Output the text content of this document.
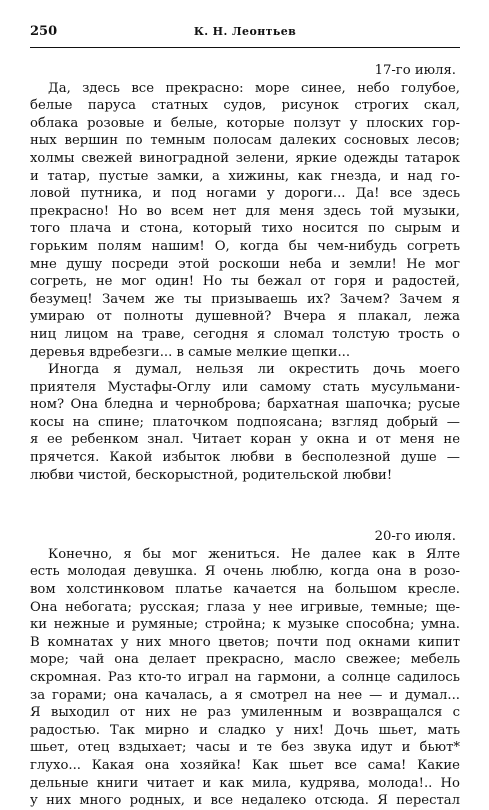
250	К. Н. Леонтьев

17-го июля.

Да, здесь все прекрасно: море синее, небо голубое,
белые паруса статных судов, рисунок строгих скал,
облака розовые и белые, которые ползут у плоских гор-
ных вершин по темным полосам далеких сосновых лесов;
холмы свежей виноградной зелени, яркие одежды татарок
и татар, пустые замки, а хижины, как гнезда, и над го-
ловой путника, и под ногами у дороги... Да! все здесь
прекрасно! Но во всем нет для меня здесь той музыки,
того плача и стона, который тихо носится по сырым и
горьким полям нашим! О, когда бы чем-нибудь согреть
мне душу посреди этой роскоши неба и земли! Не мог
согреть, не мог один! Но ты бежал от горя и радостей,
безумец! Зачем же ты призываешь их? Зачем? Зачем я
умираю от полноты душевной? Вчера я плакал, лежа
ниц лицом на траве, сегодня я сломал толстую трость о
деревья вдребезги... в самые мелкие щепки...

Иногда я думал, нельзя ли окрестить дочь моего
приятеля Мустафы-Оглу или самому стать мусульмани-
ном? Она бледна и черноброва; бархатная шапочка; русые
косы на спине; платочком подпоясана; взгляд добрый —
я ее ребенком знал. Читает коран у окна и от меня не
прячется. Какой избыток любви в бесполезной душе —
любви чистой, бескорыстной, родительской любви!

20-го июля.

Конечно, я бы мог жениться. Не далее как в Ялте
есть молодая девушка. Я очень люблю, когда она в розо-
вом холстинковом платье качается на большом кресле.
Она небогата; русская; глаза у нее игривые, темные; ще-
ки нежные и румяные; стройна; к музыке способна; умна.
В комнатах у них много цветов; почти под окнами кипит
море; чай она делает прекрасно, масло свежее; мебель
скромная. Раз кто-то играл на гармони, а солнце садилось
за горами; она качалась, а я смотрел на нее — и думал...
Я выходил от них не раз умиленным и возвращался с
радостью. Так мирно и сладко у них! Дочь шьет, мать
шьет, отец вздыхает; часы и те без звука идут и бьют*
глухо... Какая она хозяйка! Как шьет все сама! Какие
дельные книги читает и как мила, кудрява, молода!.. Но
у них много родных, и все недалеко отсюда. Я перестал
